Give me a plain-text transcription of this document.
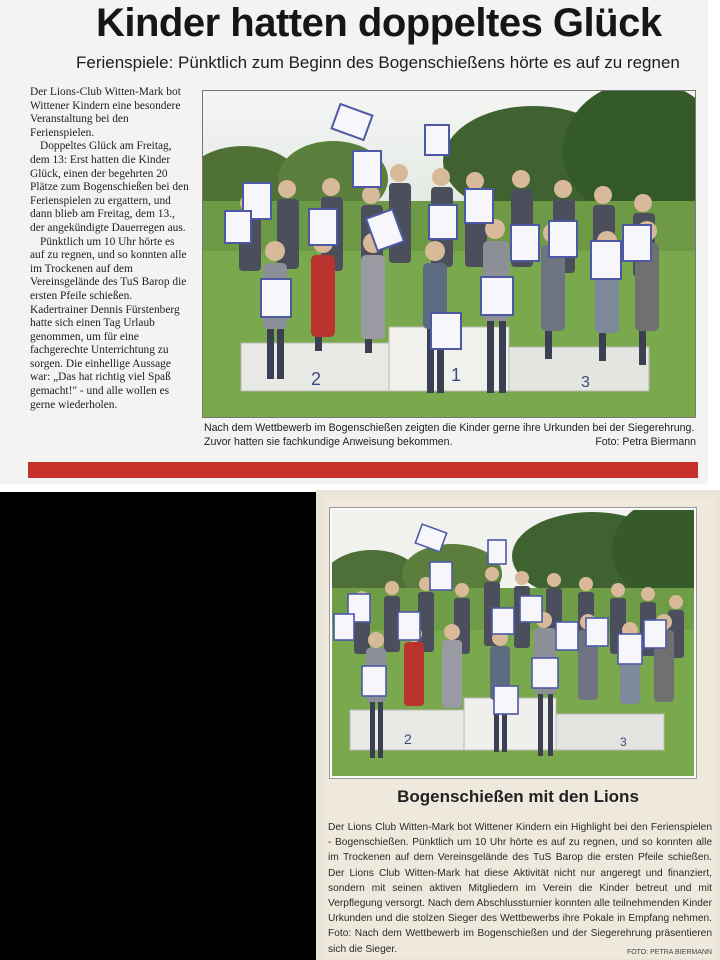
Kinder hatten doppeltes Glück
Ferienspiele: Pünktlich zum Beginn des Bogenschießens hörte es auf zu regnen

Der Lions-Club Witten-Mark bot Wittener Kindern eine besondere Veranstaltung bei den Ferienspielen.

Doppeltes Glück am Freitag, dem 13: Erst hatten die Kinder Glück, einen der begehrten 20 Plätze zum Bogenschießen bei den Ferienspielen zu ergattern, und dann blieb am Freitag, dem 13., der angekündigte Dauerregen aus.

Pünktlich um 10 Uhr hörte es auf zu regnen, und so konnten alle im Trockenen auf dem Vereinsgelände des TuS Barop die ersten Pfeile schießen. Kadertrainer Dennis Fürstenberg hatte sich einen Tag Urlaub genommen, um für eine fachgerechte Unterrichtung zu sorgen. Die einhellige Aussage war: „Das hat richtig viel Spaß gemacht!" - und alle wollen es gerne wiederholen.

2	1	3
Nach dem Wettbewerb im Bogenschießen zeigten die Kinder gerne ihre Urkunden bei der Siegerehrung. Zuvor hatten sie fachkundige Anweisung bekommen.	Foto: Petra Biermann
2	3
Bogenschießen mit den Lions
Der Lions Club Witten-Mark bot Wittener Kindern ein Highlight bei den Ferienspielen - Bogenschießen. Pünktlich um 10 Uhr hörte es auf zu regnen, und so konnten alle im Trockenen auf dem Vereinsgelände des TuS Barop die ersten Pfeile schießen. Der Lions Club Witten-Mark hat diese Aktivität nicht nur angeregt und finanziert, sondern mit seinen aktiven Mitgliedern im Verein die Kinder betreut und mit Verpflegung versorgt. Nach dem Abschlussturnier konnten alle teilnehmenden Kinder Urkunden und die stolzen Sieger des Wettbewerbs ihre Pokale in Empfang nehmen. Foto: Nach dem Wettbewerb im Bogenschießen und der Siegerehrung präsentieren sich die Sieger.	FOTO: PETRA BIERMANN
